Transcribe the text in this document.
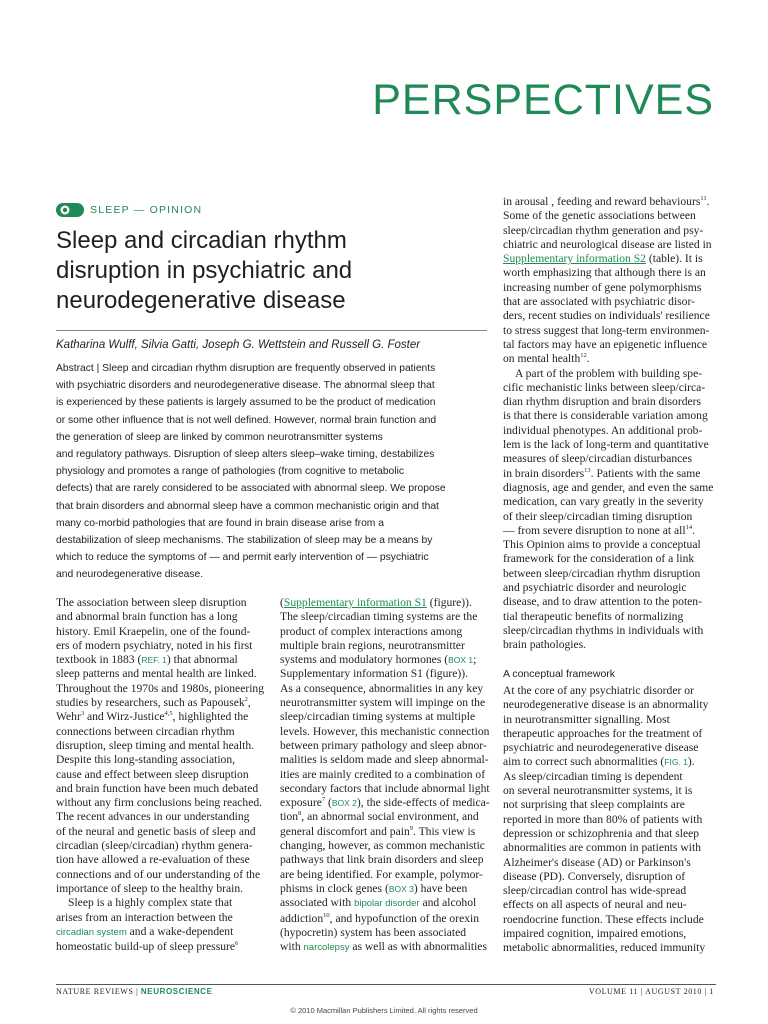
PERSPECTIVES
SLEEP — OPINION
Sleep and circadian rhythm
disruption in psychiatric and
neurodegenerative disease
Katharina Wulff, Silvia Gatti, Joseph G. Wettstein and Russell G. Foster
Abstract | Sleep and circadian rhythm disruption are frequently observed in patients
with psychiatric disorders and neurodegenerative disease. The abnormal sleep that
is experienced by these patients is largely assumed to be the product of medication
or some other influence that is not well defined. However, normal brain function and
the generation of sleep are linked by common neurotransmitter systems
and regulatory pathways. Disruption of sleep alters sleep–wake timing, destabilizes
physiology and promotes a range of pathologies (from cognitive to metabolic
defects) that are rarely considered to be associated with abnormal sleep. We propose
that brain disorders and abnormal sleep have a common mechanistic origin and that
many co-morbid pathologies that are found in brain disease arise from a
destabilization of sleep mechanisms. The stabilization of sleep may be a means by
which to reduce the symptoms of — and permit early intervention of — psychiatric
and neurodegenerative disease.
The association between sleep disruption
and abnormal brain function has a long
history. Emil Kraepelin, one of the found-
ers of modern psychiatry, noted in his first
textbook in 1883 (REF. 1) that abnormal
sleep patterns and mental health are linked.
Throughout the 1970s and 1980s, pioneering
studies by researchers, such as Papousek$^2$,
Wehr$^3$ and Wirz-Justice$^{4,5}$, highlighted the
connections between circadian rhythm
disruption, sleep timing and mental health.
Despite this long-standing association,
cause and effect between sleep disruption
and brain function have been much debated
without any firm conclusions being reached.
The recent advances in our understanding
of the neural and genetic basis of sleep and
circadian (sleep/circadian) rhythm genera-
tion have allowed a re-evaluation of these
connections and of our understanding of the
importance of sleep to the healthy brain.
Sleep is a highly complex state that
arises from an interaction between the
circadian system and a wake-dependent
homeostatic build-up of sleep pressure$^6$
(Supplementary information S1 (figure)).
The sleep/circadian timing systems are the
product of complex interactions among
multiple brain regions, neurotransmitter
systems and modulatory hormones (BOX 1;
Supplementary information S1 (figure)).
As a consequence, abnormalities in any key
neurotransmitter system will impinge on the
sleep/circadian timing systems at multiple
levels. However, this mechanistic connection
between primary pathology and sleep abnor-
malities is seldom made and sleep abnormal-
ities are mainly credited to a combination of
secondary factors that include abnormal light
exposure$^7$ (BOX 2), the side-effects of medica-
tion$^8$, an abnormal social environment, and
general discomfort and pain$^9$. This view is
changing, however, as common mechanistic
pathways that link brain disorders and sleep
are being identified. For example, polymor-
phisms in clock genes (BOX 3) have been
associated with bipolar disorder and alcohol
addiction$^{10}$, and hypofunction of the orexin
(hypocretin) system has been associated
with narcolepsy as well as with abnormalities
in arousal , feeding and reward behaviours$^{11}$.
Some of the genetic associations between
sleep/circadian rhythm generation and psy-
chiatric and neurological disease are listed in
Supplementary information S2 (table). It is
worth emphasizing that although there is an
increasing number of gene polymorphisms
that are associated with psychiatric disor-
ders, recent studies on individuals' resilience
to stress suggest that long-term environmen-
tal factors may have an epigenetic influence
on mental health$^{12}$.
A part of the problem with building spe-
cific mechanistic links between sleep/circa-
dian rhythm disruption and brain disorders
is that there is considerable variation among
individual phenotypes. An additional prob-
lem is the lack of long-term and quantitative
measures of sleep/circadian disturbances
in brain disorders$^{13}$. Patients with the same
diagnosis, age and gender, and even the same
medication, can vary greatly in the severity
of their sleep/circadian timing disruption
— from severe disruption to none at all$^{14}$.
This Opinion aims to provide a conceptual
framework for the consideration of a link
between sleep/circadian rhythm disruption
and psychiatric disorder and neurologic
disease, and to draw attention to the poten-
tial therapeutic benefits of normalizing
sleep/circadian rhythms in individuals with
brain pathologies.
A conceptual framework
At the core of any psychiatric disorder or
neurodegenerative disease is an abnormality
in neurotransmitter signalling. Most
therapeutic approaches for the treatment of
psychiatric and neurodegenerative disease
aim to correct such abnormalities (FIG. 1).
As sleep/circadian timing is dependent
on several neurotransmitter systems, it is
not surprising that sleep complaints are
reported in more than 80% of patients with
depression or schizophrenia and that sleep
abnormalities are common in patients with
Alzheimer's disease (AD) or Parkinson's
disease (PD). Conversely, disruption of
sleep/circadian control has wide-spread
effects on all aspects of neural and neu-
roendocrine function. These effects include
impaired cognition, impaired emotions,
metabolic abnormalities, reduced immunity
NATURE REVIEWS | NEUROSCIENCE	VOLUME 11 | AUGUST 2010 | 1
© 2010 Macmillan Publishers Limited. All rights reserved
